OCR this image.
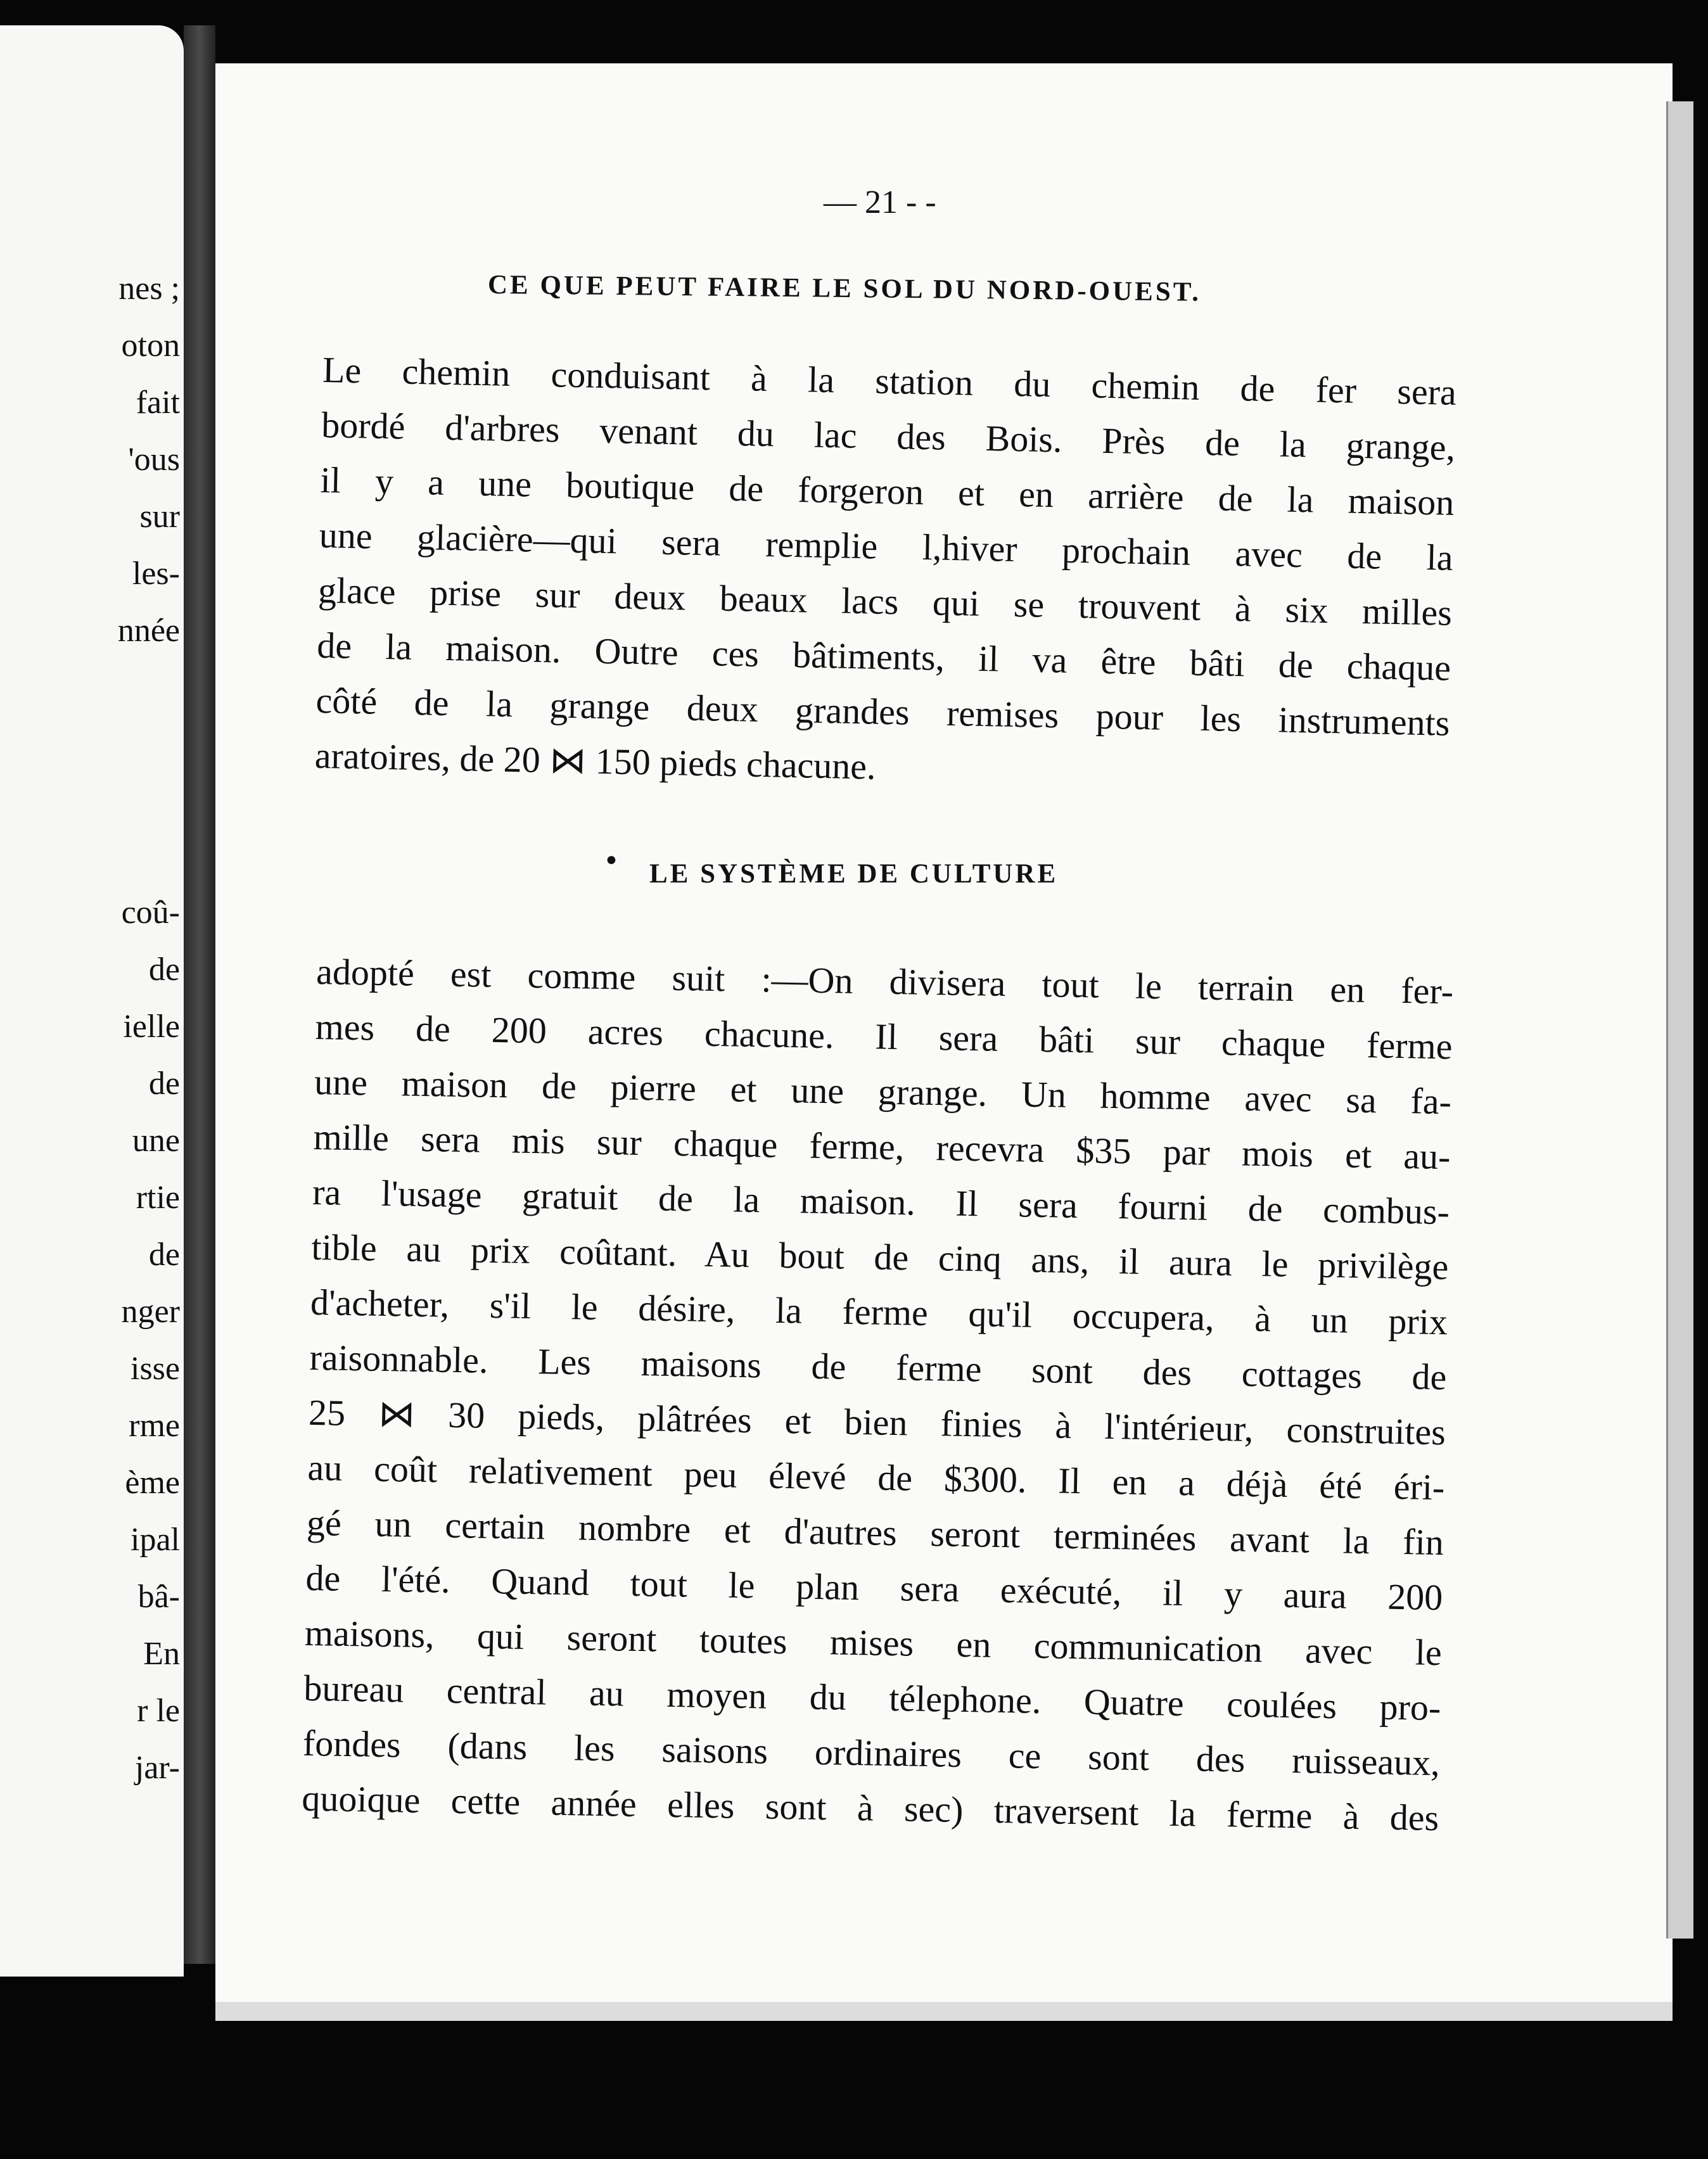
nes ;
oton
fait
'ous
sur
les-
nnée
coû-
de
ielle
de
une
rtie
de
nger
isse
rme
ème
ipal
bâ-
En
r le
jar-
— 21 - -
CE QUE PEUT FAIRE LE SOL DU NORD-OUEST.
Le chemin conduisant à la station du chemin de fer sera
bordé d'arbres venant du lac des Bois. Près de la grange,
il y a une boutique de forgeron et en arrière de la maison
une glacière—qui sera remplie l,hiver prochain avec de la
glace prise sur deux beaux lacs qui se trouvent à six milles
de la maison. Outre ces bâtiments, il va être bâti de chaque
côté de la grange deux grandes remises pour les instruments
aratoires, de 20 ⋈ 150 pieds chacune.
• LE SYSTÈME DE CULTURE
adopté est comme suit :—On divisera tout le terrain en fer-
mes de 200 acres chacune. Il sera bâti sur chaque ferme
une maison de pierre et une grange. Un homme avec sa fa-
mille sera mis sur chaque ferme, recevra $35 par mois et au-
ra l'usage gratuit de la maison. Il sera fourni de combus-
tible au prix coûtant. Au bout de cinq ans, il aura le privilège
d'acheter, s'il le désire, la ferme qu'il occupera, à un prix
raisonnable. Les maisons de ferme sont des cottages de
25 ⋈ 30 pieds, plâtrées et bien finies à l'intérieur, construites
au coût relativement peu élevé de $300. Il en a déjà été éri-
gé un certain nombre et d'autres seront terminées avant la fin
de l'été. Quand tout le plan sera exécuté, il y aura 200
maisons, qui seront toutes mises en communication avec le
bureau central au moyen du télephone. Quatre coulées pro-
fondes (dans les saisons ordinaires ce sont des ruisseaux,
quoique cette année elles sont à sec) traversent la ferme à des
